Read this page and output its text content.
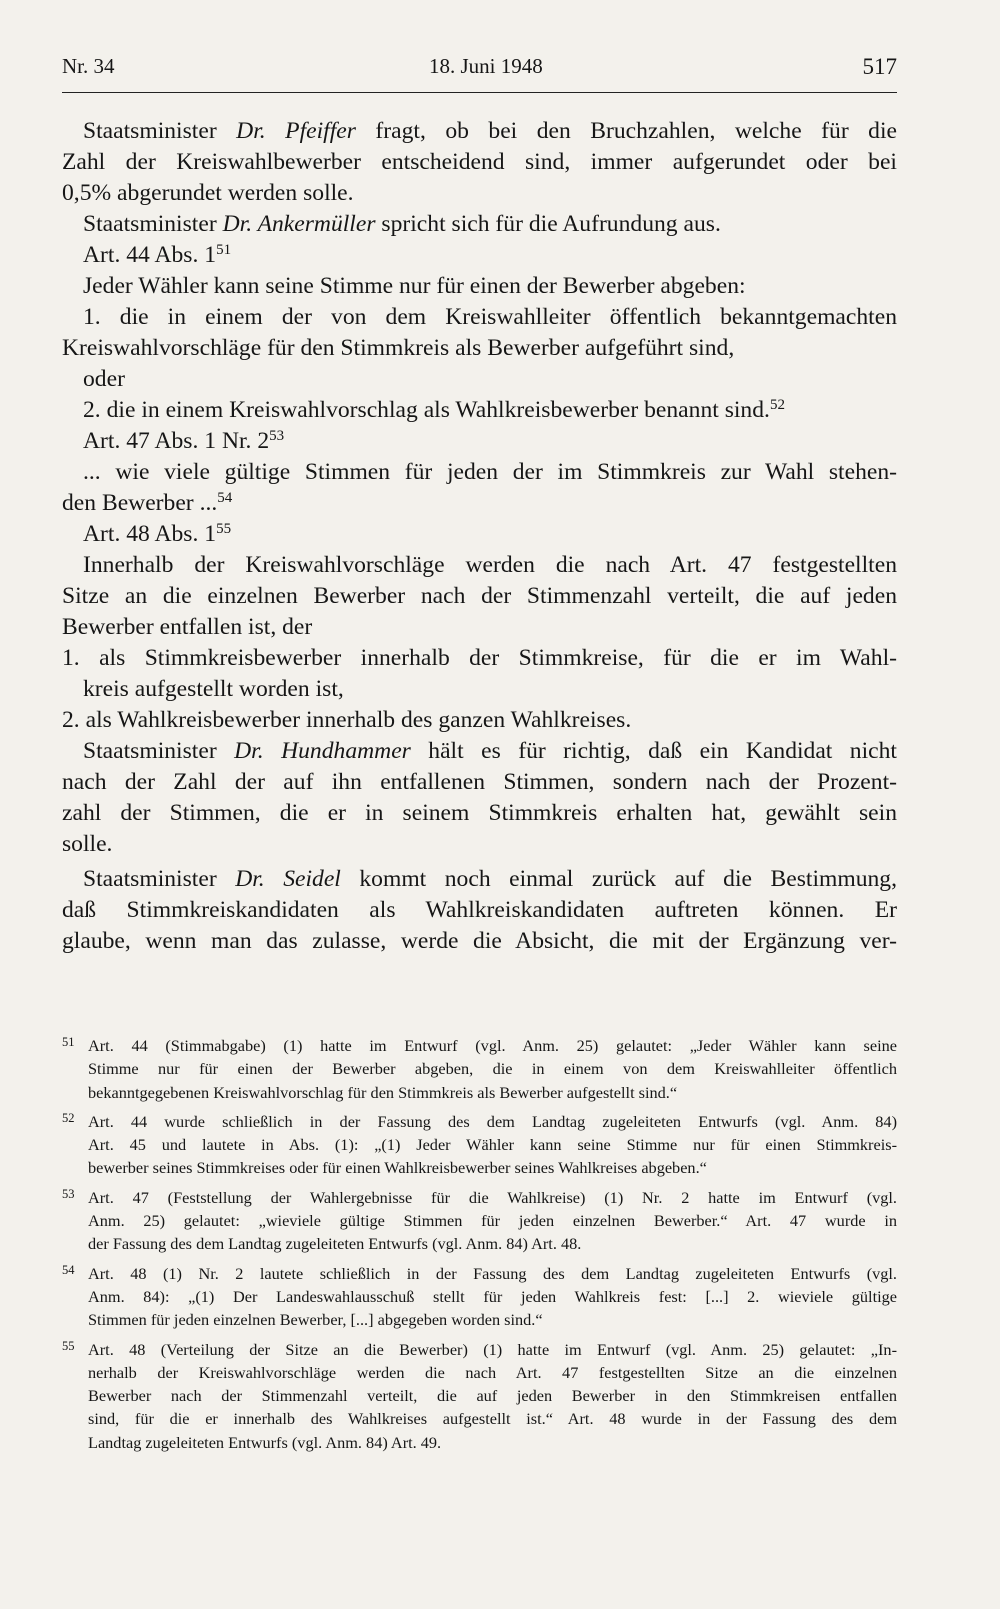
Nr. 34	18. Juni 1948	517

Staatsminister Dr. Pfeiffer fragt, ob bei den Bruchzahlen, welche für die
Zahl der Kreiswahlbewerber entscheidend sind, immer aufgerundet oder bei
0,5% abgerundet werden solle.

Staatsminister Dr. Ankermüller spricht sich für die Aufrundung aus.

Art. 44 Abs. $1^{51}$

Jeder Wähler kann seine Stimme nur für einen der Bewerber abgeben:

1. die in einem der von dem Kreiswahlleiter öffentlich bekanntgemachten
Kreiswahlvorschläge für den Stimmkreis als Bewerber aufgeführt sind,

oder

2. die in einem Kreiswahlvorschlag als Wahlkreisbewerber benannt sind.$^{52}$

Art. 47 Abs. 1 Nr. $2^{53}$

... wie viele gültige Stimmen für jeden der im Stimmkreis zur Wahl stehen-
den Bewerber ...$^{54}$

Art. 48 Abs. $1^{55}$

Innerhalb der Kreiswahlvorschläge werden die nach Art. 47 festgestellten
Sitze an die einzelnen Bewerber nach der Stimmenzahl verteilt, die auf jeden
Bewerber entfallen ist, der

1. als Stimmkreisbewerber innerhalb der Stimmkreise, für die er im Wahl-
kreis aufgestellt worden ist,

2. als Wahlkreisbewerber innerhalb des ganzen Wahlkreises.

Staatsminister Dr. Hundhammer hält es für richtig, daß ein Kandidat nicht
nach der Zahl der auf ihn entfallenen Stimmen, sondern nach der Prozent-
zahl der Stimmen, die er in seinem Stimmkreis erhalten hat, gewählt sein
solle.

Staatsminister Dr. Seidel kommt noch einmal zurück auf die Bestimmung,
daß Stimmkreiskandidaten als Wahlkreiskandidaten auftreten können. Er
glaube, wenn man das zulasse, werde die Absicht, die mit der Ergänzung ver-

51 Art. 44 (Stimmabgabe) (1) hatte im Entwurf (vgl. Anm. 25) gelautet: „Jeder Wähler kann seine

Stimme nur für einen der Bewerber abgeben, die in einem von dem Kreiswahlleiter öffentlich

bekanntgegebenen Kreiswahlvorschlag für den Stimmkreis als Bewerber aufgestellt sind.“

52 Art. 44 wurde schließlich in der Fassung des dem Landtag zugeleiteten Entwurfs (vgl. Anm. 84)

Art. 45 und lautete in Abs. (1): „(1) Jeder Wähler kann seine Stimme nur für einen Stimmkreis-

bewerber seines Stimmkreises oder für einen Wahlkreisbewerber seines Wahlkreises abgeben.“

53 Art. 47 (Feststellung der Wahlergebnisse für die Wahlkreise) (1) Nr. 2 hatte im Entwurf (vgl.

Anm. 25) gelautet: „wieviele gültige Stimmen für jeden einzelnen Bewerber.“ Art. 47 wurde in

der Fassung des dem Landtag zugeleiteten Entwurfs (vgl. Anm. 84) Art. 48.

54 Art. 48 (1) Nr. 2 lautete schließlich in der Fassung des dem Landtag zugeleiteten Entwurfs (vgl.

Anm. 84): „(1) Der Landeswahlausschuß stellt für jeden Wahlkreis fest: [...] 2. wieviele gültige

Stimmen für jeden einzelnen Bewerber, [...] abgegeben worden sind.“

55 Art. 48 (Verteilung der Sitze an die Bewerber) (1) hatte im Entwurf (vgl. Anm. 25) gelautet: „In-

nerhalb der Kreiswahlvorschläge werden die nach Art. 47 festgestellten Sitze an die einzelnen

Bewerber nach der Stimmenzahl verteilt, die auf jeden Bewerber in den Stimmkreisen entfallen

sind, für die er innerhalb des Wahlkreises aufgestellt ist.“ Art. 48 wurde in der Fassung des dem

Landtag zugeleiteten Entwurfs (vgl. Anm. 84) Art. 49.
